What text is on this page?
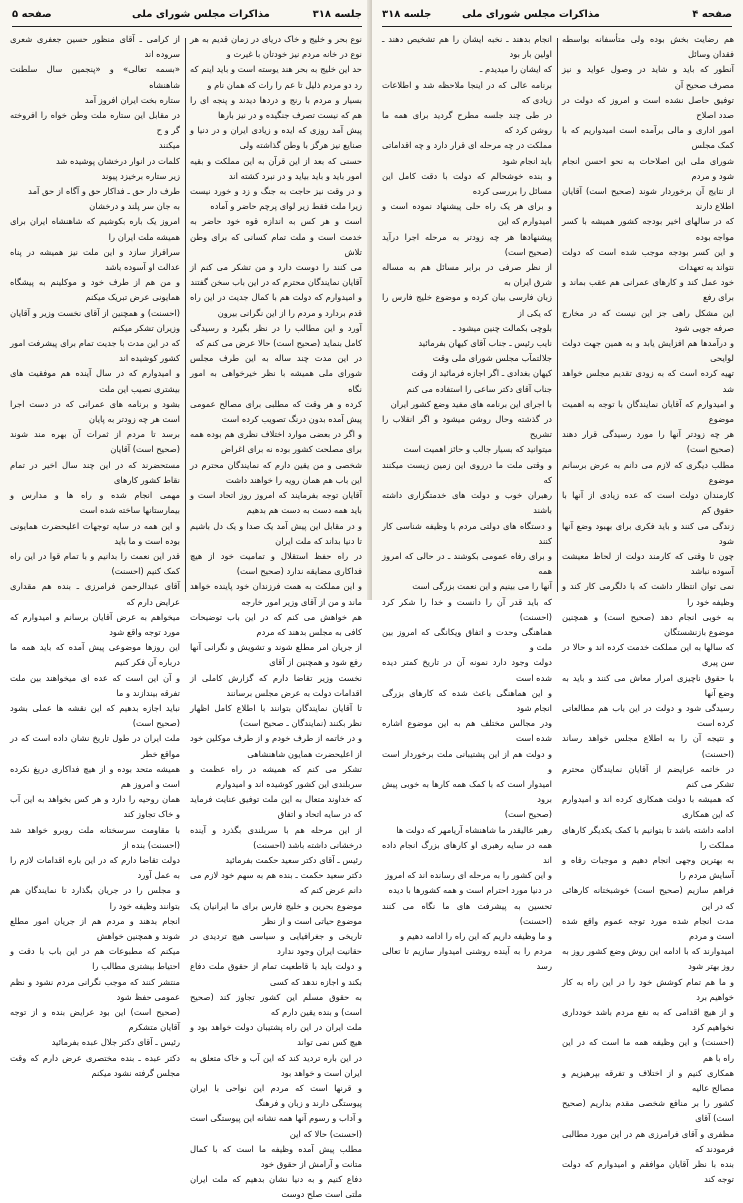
صفحه ۵	مذاکرات مجلس شورای ملی	جلسه ۳۱۸

نوع بحر و خلیج و خاک دریای در زمان قدیم به هر نوع در خانه مردم نیز خودتان با غیرت و

حد این خلیج به بحر هند یوسته است و باید اینم که رد دو مردم ذلیل تا عم را رات که همان نام و

بسیار و مردم با رنج و دردها دیدند و پنجه ای را هم که نیست تصرف جنگیده و در نیز بارها

پیش آمد روزی که ایده و زیادی ایران و در دنیا و صنایع نیز هرگز با وطن گذاشته ولی

حسنی که بعد از این قرآن به این مملکت و بقیه امور باید و باید بیاید و در نبرد کشته اند

و در وقت نیز حاجت به جنگ و زد و خورد نیست زیرا ملت فقط زیر لوای پرچم حاضر و آماده

است و هر کس به اندازه قوه خود حاضر به خدمت است و ملت تمام کسانی که برای وطن تلاش

می کنند را دوست دارد و من تشکر می کنم از آقایان نمایندگان محترم که در این باب سخن گفتند

و امیدوارم که دولت هم با کمال جدیت در این راه قدم بردارد و مردم را از این نگرانی بیرون

آورد و این مطالب را در نظر بگیرد و رسیدگی کامل بنماید (صحیح است) حالا عرض می کنم که

در این مدت چند ساله به این طرف مجلس شورای ملی همیشه با نظر خیرخواهی به امور نگاه

کرده و هر وقت که مطلبی برای مصالح عمومی پیش آمده بدون درنگ تصویب کرده است

و اگر در بعضی موارد اختلاف نظری هم بوده همه برای مصلحت کشور بوده نه برای اغراض

شخصی و من یقین دارم که نمایندگان محترم در این باب هم همان رویه را خواهند داشت

آقایان توجه بفرمایند که امروز روز اتحاد است و باید همه دست به دست هم بدهیم

و در مقابل این پیش آمد یک صدا و یک دل باشیم تا دنیا بداند که ملت ایران

در راه حفظ استقلال و تمامیت خود از هیچ فداکاری مضایقه ندارد (صحیح است)

و این مملکت به همت فرزندان خود پاینده خواهد ماند و من از آقای وزیر امور خارجه

هم خواهش می کنم که در این باب توضیحات کافی به مجلس بدهند که مردم

از جریان امر مطلع شوند و تشویش و نگرانی آنها رفع شود و همچنین از آقای

نخست وزیر تقاضا دارم که گزارش کاملی از اقدامات دولت به عرض مجلس برسانند

تا آقایان نمایندگان بتوانند با اطلاع کامل اظهار نظر بکنند (نمایندگان ـ صحیح است)

و در خاتمه از طرف خودم و از طرف موکلین خود از اعلیحضرت همایون شاهنشاهی

تشکر می کنم که همیشه در راه عظمت و سربلندی این کشور کوشیده اند و امیدوارم

که خداوند متعال به این ملت توفیق عنایت فرماید که در سایه اتحاد و اتفاق

از این مرحله هم با سربلندی بگذرد و آینده درخشانی داشته باشد (احسنت)

رئیس ـ آقای دکتر سعید حکمت بفرمائید

دکتر سعید حکمت ـ بنده هم به سهم خود لازم می دانم عرض کنم که

موضوع بحرین و خلیج فارس برای ما ایرانیان یک موضوع حیاتی است و از نظر

تاریخی و جغرافیایی و سیاسی هیچ تردیدی در حقانیت ایران وجود ندارد

و دولت باید با قاطعیت تمام از حقوق ملت دفاع بکند و اجازه ندهد که کسی

به حقوق مسلم این کشور تجاوز کند (صحیح است) و بنده یقین دارم که

ملت ایران در این راه پشتیبان دولت خواهد بود و هیچ کس نمی تواند

در این باره تردید کند که این آب و خاک متعلق به ایران است و خواهد بود

و قرنها است که مردم این نواحی با ایران پیوستگی دارند و زبان و فرهنگ

و آداب و رسوم آنها همه نشانه این پیوستگی است (احسنت) حالا که این

مطلب پیش آمده وظیفه ما است که با کمال متانت و آرامش از حقوق خود

دفاع کنیم و به دنیا نشان بدهیم که ملت ایران ملتی است صلح دوست

از کرامی ـ آقای منظور حسین جعفری شعری سروده اند

«بسمه تعالی» و «پنجمین سال سلطنت شاهنشاه

ستاره بخت ایران افروز آمد

در مقابل این ستاره ملت وطن خواه را افروخته گر و ح

میکنند

کلمات در انوار درخشان پوشیده شد

زیر ستاره برخیزد پیوند

طرف دار حق ـ فداکار حق و آگاه از حق آمد

به جان سر پلند و درخشان

امروز یک باره بکوشیم که شاهنشاه ایران برای همیشه ملت ایران را

سرافراز سازد و این ملت نیز همیشه در پناه عدالت او آسوده باشد

و من هم از طرف خود و موکلینم به پیشگاه همایونی عرض تبریک میکنم

(احسنت) و همچنین از آقای نخست وزیر و آقایان وزیران تشکر میکنم

که در این مدت با جدیت تمام برای پیشرفت امور کشور کوشیده اند

و امیدوارم که در سال آینده هم موفقیت های بیشتری نصیب این ملت

بشود و برنامه های عمرانی که در دست اجرا است هر چه زودتر به پایان

برسد تا مردم از ثمرات آن بهره مند شوند (صحیح است) آقایان

مستحضرند که در این چند سال اخیر در تمام نقاط کشور کارهای

مهمی انجام شده و راه ها و مدارس و بیمارستانها ساخته شده است

و این همه در سایه توجهات اعلیحضرت همایونی بوده است و ما باید

قدر این نعمت را بدانیم و با تمام قوا در این راه کمک کنیم (احسنت)

آقای عبدالرحمن فرامرزی ـ بنده هم مقداری عرایض دارم که

میخواهم به عرض آقایان برسانم و امیدوارم که مورد توجه واقع شود

این روزها موضوعی پیش آمده که باید همه ما درباره آن فکر کنیم

و آن این است که عده ای میخواهند بین ملت تفرقه بیندازند و ما

نباید اجازه بدهیم که این نقشه ها عملی بشود (صحیح است)

ملت ایران در طول تاریخ نشان داده است که در مواقع خطر

همیشه متحد بوده و از هیچ فداکاری دریغ نکرده است و امروز هم

همان روحیه را دارد و هر کس بخواهد به این آب و خاک تجاوز کند

با مقاومت سرسختانه ملت روبرو خواهد شد (احسنت) بنده از

دولت تقاضا دارم که در این باره اقدامات لازم را به عمل آورد

و مجلس را در جریان بگذارد تا نمایندگان هم بتوانند وظیفه خود را

انجام بدهند و مردم هم از جریان امور مطلع شوند و همچنین خواهش

میکنم که مطبوعات هم در این باب با دقت و احتیاط بیشتری مطالب را

منتشر کنند که موجب نگرانی مردم نشود و نظم عمومی حفظ شود

(صحیح است) این بود عرایض بنده و از توجه آقایان متشکرم

رئیس ـ آقای دکتر جلال عبده بفرمائید

دکتر عبده ـ بنده مختصری عرض دارم که وقت مجلس گرفته نشود میکنم

جلسه ۳۱۸	مذاکرات مجلس شورای ملی	صفحه ۴

هم رضایت بخش بوده ولی متأسفانه بواسطه فقدان وسائل

آنطور که باید و شاید در وصول عواید و نیز مصرف صحیح آن

توفیق حاصل نشده است و امروز که دولت در صدد اصلاح

امور اداری و مالی برآمده است امیدواریم که با کمک مجلس

شورای ملی این اصلاحات به نحو احسن انجام شود و مردم

از نتایج آن برخوردار شوند (صحیح است) آقایان اطلاع دارند

که در سالهای اخیر بودجه کشور همیشه با کسر مواجه بوده

و این کسر بودجه موجب شده است که دولت نتواند به تعهدات

خود عمل کند و کارهای عمرانی هم عقب بماند و برای رفع

این مشکل راهی جز این نیست که در مخارج صرفه جویی شود

و درآمدها هم افزایش یابد و به همین جهت دولت لوایحی

تهیه کرده است که به زودی تقدیم مجلس خواهد شد

و امیدوارم که آقایان نمایندگان با توجه به اهمیت موضوع

هر چه زودتر آنها را مورد رسیدگی قرار دهند (صحیح است)

مطلب دیگری که لازم می دانم به عرض برسانم موضوع

کارمندان دولت است که عده زیادی از آنها با حقوق کم

زندگی می کنند و باید فکری برای بهبود وضع آنها شود

چون تا وقتی که کارمند دولت از لحاظ معیشت آسوده نباشد

نمی توان انتظار داشت که با دلگرمی کار کند و وظیفه خود را

به خوبی انجام دهد (صحیح است) و همچنین موضوع بازنشستگان

که سالها به این مملکت خدمت کرده اند و حالا در سن پیری

با حقوق ناچیزی امرار معاش می کنند و باید به وضع آنها

رسیدگی شود و دولت در این باب هم مطالعاتی کرده است

و نتیجه آن را به اطلاع مجلس خواهد رساند (احسنت)

در خاتمه عرایضم از آقایان نمایندگان محترم تشکر می کنم

که همیشه با دولت همکاری کرده اند و امیدوارم که این همکاری

ادامه داشته باشد تا بتوانیم با کمک یکدیگر کارهای مملکت را

به بهترین وجهی انجام دهیم و موجبات رفاه و آسایش مردم را

فراهم سازیم (صحیح است) خوشبختانه کارهائی که در این

مدت انجام شده مورد توجه عموم واقع شده است و مردم

امیدوارند که با ادامه این روش وضع کشور روز به روز بهتر شود

و ما هم تمام کوشش خود را در این راه به کار خواهیم برد

و از هیچ اقدامی که به نفع مردم باشد خودداری نخواهیم کرد

(احسنت) و این وظیفه همه ما است که در این راه با هم

همکاری کنیم و از اختلاف و تفرقه بپرهیزیم و مصالح عالیه

کشور را بر منافع شخصی مقدم بداریم (صحیح است) آقای

مظفری و آقای فرامرزی هم در این مورد مطالبی فرمودند که

بنده با نظر آقایان موافقم و امیدوارم که دولت توجه کند

انجام بدهند ـ نخبه ایشان را هم تشخیص دهند ـ اولین بار بود

که ایشان را میدیدم ـ

برنامه عالی که در اینجا ملاحظه شد و اطلاعات زیادی که

در طی چند جلسه مطرح گردید برای همه ما روشن کرد که

مملکت در چه مرحله ای قرار دارد و چه اقداماتی باید انجام شود

و بنده خوشحالم که دولت با دقت کامل این مسائل را بررسی کرده

و برای هر یک راه حلی پیشنهاد نموده است و امیدوارم که این

پیشنهادها هر چه زودتر به مرحله اجرا درآید (صحیح است)

از نظر صرفی در برابر مسائل هم به مساله شرق ایران به

زبان فارسی بیان کرده و موضوع خلیج فارس را که یکی از

بلوچی بکمالت چنین میشود ـ

نایب رئیس ـ جناب آقای کیهان بفرمائید

جلالتمآب مجلس شورای ملی وقت

کیهان بغدادی ـ اگر اجازه فرمائید از وقت

جناب آقای دکتر ساعی را استفاده می کنم

با اجرای این برنامه های مفید وضع کشور ایران

در گذشته وحال روشن میشود و اگر انقلاب را تشریح

میتوانید که بسیار جالب و حائز اهمیت است

و وقتی ملت ما درروی این زمین زیست میکنند که

رهبران خوب و دولت های خدمتگزاری داشته باشند

و دستگاه های دولتی مردم با وظیفه شناسی کار کنند

و برای رفاه عمومی بکوشند ـ در حالی که امروز همه

آنها را می بینیم و این نعمت بزرگی است

که باید قدر آن را دانست و خدا را شکر کرد (احسنت)

هماهنگی وحدت و اتفاق ویکانگی که امروز بین ملت و

دولت وجود دارد نمونه آن در تاریخ کمتر دیده شده است

و این هماهنگی باعث شده که کارهای بزرگی انجام شود

ودر مجالس مختلف هم به این موضوع اشاره شده است

و دولت هم از این پشتیبانی ملت برخوردار است و

امیدوار است که با کمک همه کارها به خوبی پیش برود

(صحیح است)

رهبر عالیقدر ما شاهنشاه آریامهر که دولت ها

همه در سایه رهبری او کارهای بزرگ انجام داده اند

و این کشور را به مرحله ای رسانده اند که امروز

در دنیا مورد احترام است و همه کشورها با دیده

تحسین به پیشرفت های ما نگاه می کنند (احسنت)

و ما وظیفه داریم که این راه را ادامه دهیم و

مردم را به آینده روشنی امیدوار سازیم تا تعالی رسد
